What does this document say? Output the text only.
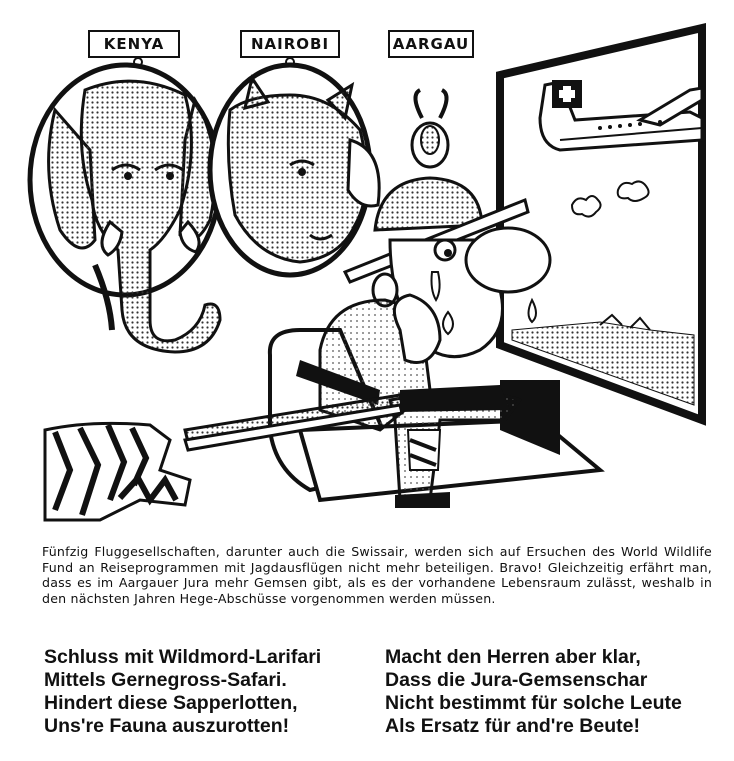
KENYA	NAIROBI	AARGAU
Fünfzig Fluggesellschaften, darunter auch die Swissair, werden sich auf Ersuchen des World Wildlife Fund an Reiseprogrammen mit Jagdausflügen nicht mehr beteiligen. Bravo! Gleichzeitig erfährt man, dass es im Aargauer Jura mehr Gemsen gibt, als es der vorhandene Lebensraum zulässt, weshalb in den nächsten Jahren Hege-Abschüsse vorgenommen werden müssen.
Schluss mit Wildmord-Larifari
Mittels Gernegross-Safari.
Hindert diese Sapperlotten,
Uns're Fauna auszurotten!
Macht den Herren aber klar,
Dass die Jura-Gemsenschar
Nicht bestimmt für solche Leute
Als Ersatz für and're Beute!
